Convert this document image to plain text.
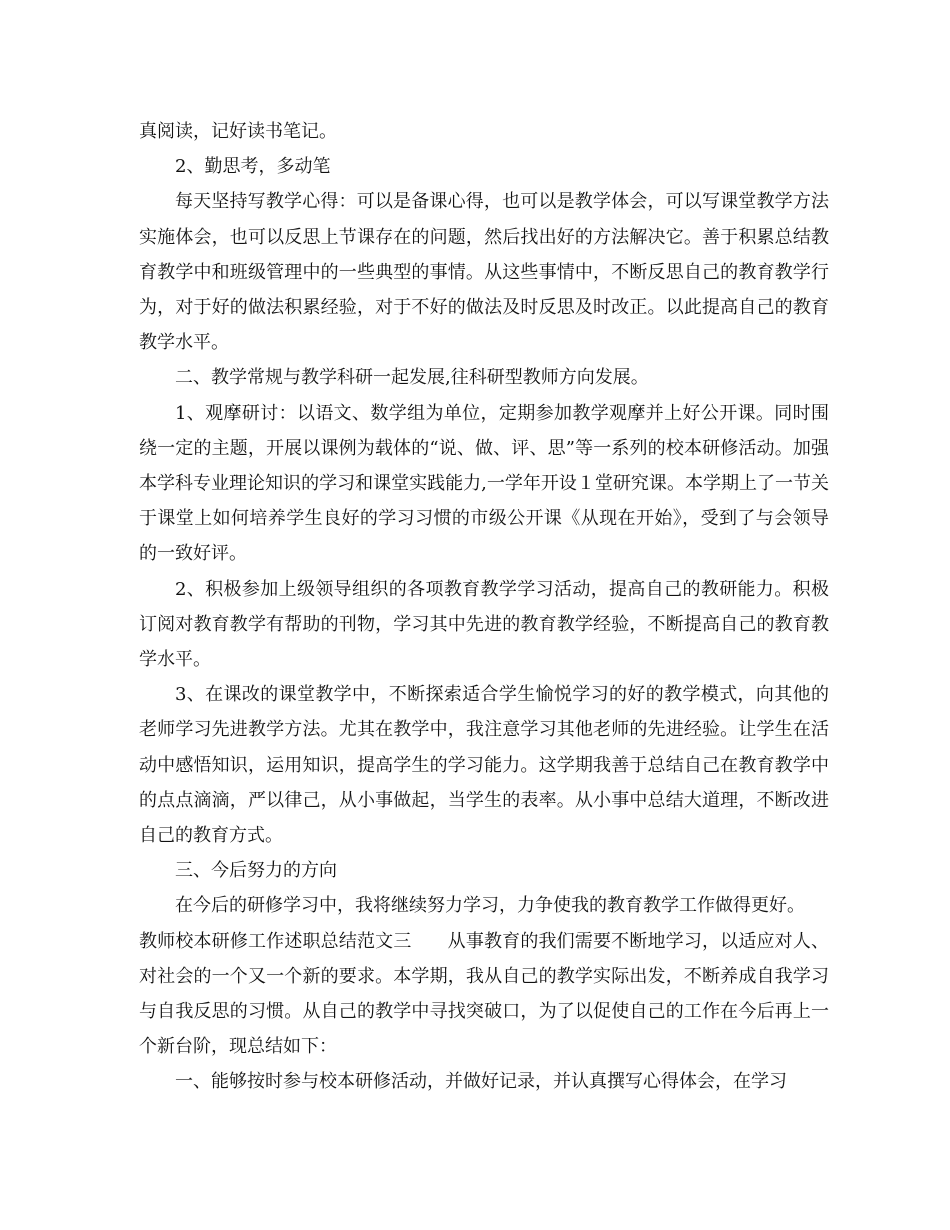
真阅读，记好读书笔记。

2、勤思考，多动笔

每天坚持写教学心得：可以是备课心得，也可以是教学体会，可以写课堂教学方法实施体会，也可以反思上节课存在的问题，然后找出好的方法解决它。善于积累总结教育教学中和班级管理中的一些典型的事情。从这些事情中，不断反思自己的教育教学行为，对于好的做法积累经验，对于不好的做法及时反思及时改正。以此提高自己的教育教学水平。

二、教学常规与教学科研一起发展,往科研型教师方向发展。

1、观摩研讨：以语文、数学组为单位，定期参加教学观摩并上好公开课。同时围绕一定的主题，开展以课例为载体的“说、做、评、思”等一系列的校本研修活动。加强本学科专业理论知识的学习和课堂实践能力,一学年开设１堂研究课。本学期上了一节关于课堂上如何培养学生良好的学习习惯的市级公开课《从现在开始》，受到了与会领导的一致好评。

2、积极参加上级领导组织的各项教育教学学习活动，提高自己的教研能力。积极订阅对教育教学有帮助的刊物，学习其中先进的教育教学经验，不断提高自己的教育教学水平。

3、在课改的课堂教学中，不断探索适合学生愉悦学习的好的教学模式，向其他的老师学习先进教学方法。尤其在教学中，我注意学习其他老师的先进经验。让学生在活动中感悟知识，运用知识，提高学生的学习能力。这学期我善于总结自己在教育教学中的点点滴滴，严以律己，从小事做起，当学生的表率。从小事中总结大道理，不断改进自己的教育方式。

三、今后努力的方向

在今后的研修学习中，我将继续努力学习，力争使我的教育教学工作做得更好。

教师校本研修工作述职总结范文三 从事教育的我们需要不断地学习，以适应对人、对社会的一个又一个新的要求。本学期，我从自己的教学实际出发，不断养成自我学习与自我反思的习惯。从自己的教学中寻找突破口，为了以促使自己的工作在今后再上一个新台阶，现总结如下：

一、能够按时参与校本研修活动，并做好记录，并认真撰写心得体会，在学习
